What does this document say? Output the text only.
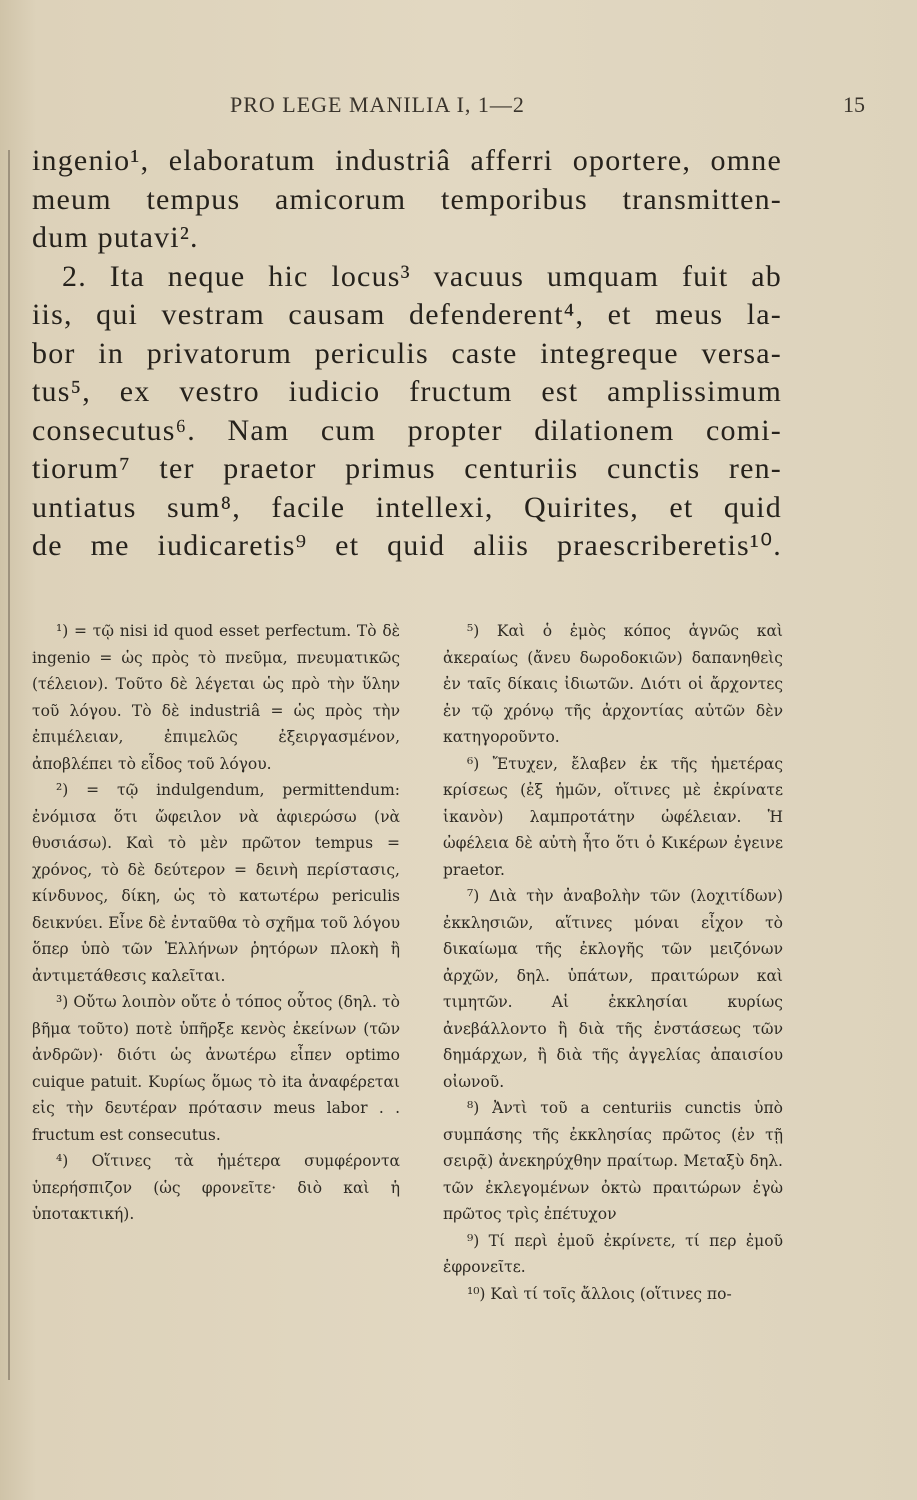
PRO LEGE MANILIA I, 1—2	15
ingenio¹, elaboratum industriâ afferri oportere, omne
meum tempus amicorum temporibus transmitten-
dum putavi².
2. Ita neque hic locus³ vacuus umquam fuit ab
iis, qui vestram causam defenderent⁴, et meus la-
bor in privatorum periculis caste integreque versa-
tus⁵, ex vestro iudicio fructum est amplissimum
consecutus⁶. Nam cum propter dilationem comi-
tiorum⁷ ter praetor primus centuriis cunctis ren-
untiatus sum⁸, facile intellexi, Quirites, et quid
de me iudicaretis⁹ et quid aliis praescriberetis¹⁰.
¹) = τῷ nisi id quod esset perfectum. Τὸ δὲ ingenio = ὡς πρὸς τὸ πνεῦμα, πνευματικῶς (τέλειον). Τοῦτο δὲ λέγεται ὡς πρὸ τὴν ὕλην τοῦ λόγου. Τὸ δὲ industriâ = ὡς πρὸς τὴν ἐπιμέλειαν, ἐπιμελῶς ἐξειργασμένον, ἀποβλέπει τὸ εἶδος τοῦ λόγου.
²) = τῷ indulgendum, permittendum: ἐνόμισα ὅτι ὤφειλον νὰ ἀφιερώσω (νὰ θυσιάσω). Καὶ τὸ μὲν πρῶτον tempus = χρόνος, τὸ δὲ δεύτερον = δεινὴ περίστασις, κίνδυνος, δίκη, ὡς τὸ κατωτέρω periculis δεικνύει. Εἶνε δὲ ἐνταῦθα τὸ σχῆμα τοῦ λόγου ὅπερ ὑπὸ τῶν Ἑλλήνων ῥητόρων πλοκὴ ἢ ἀντιμετάθεσις καλεῖται.
³) Οὔτω λοιπὸν οὔτε ὁ τόπος οὗτος (δηλ. τὸ βῆμα τοῦτο) ποτὲ ὑπῆρξε κενὸς ἐκείνων (τῶν ἀνδρῶν)· διότι ὡς ἀνωτέρω εἶπεν optimo cuique patuit. Κυρίως ὅμως τὸ ita ἀναφέρεται εἰς τὴν δευτέραν πρότασιν meus labor . . fructum est consecutus.
⁴) Οἵτινες τὰ ἡμέτερα συμφέροντα ὑπερήσπιζον (ὡς φρονεῖτε· διὸ καὶ ἡ ὑποτακτική).
⁵) Καὶ ὁ ἐμὸς κόπος ἁγνῶς καὶ ἀκεραίως (ἄνευ δωροδοκιῶν) δαπανηθεὶς ἐν ταῖς δίκαις ἰδιωτῶν. Διότι οἱ ἄρχοντες ἐν τῷ χρόνῳ τῆς ἀρχοντίας αὐτῶν δὲν κατηγοροῦντο.
⁶) Ἔτυχεν, ἔλαβεν ἐκ τῆς ἡμετέρας κρίσεως (ἐξ ἡμῶν, οἵτινες μὲ ἐκρίνατε ἱκανὸν) λαμπροτάτην ὠφέλειαν. Ἡ ὠφέλεια δὲ αὐτὴ ἦτο ὅτι ὁ Κικέρων ἐγεινε praetor.
⁷) Διὰ τὴν ἀναβολὴν τῶν (λοχιτίδων) ἐκκλησιῶν, αἵτινες μόναι εἶχον τὸ δικαίωμα τῆς ἐκλογῆς τῶν μειζόνων ἀρχῶν, δηλ. ὑπάτων, πραιτώρων καὶ τιμητῶν. Αἱ ἐκκλησίαι κυρίως ἀνεβάλλοντο ἢ διὰ τῆς ἐνστάσεως τῶν δημάρχων, ἢ διὰ τῆς ἀγγελίας ἀπαισίου οἰωνοῦ.
⁸) Ἀντὶ τοῦ a centuriis cunctis ὑπὸ συμπάσης τῆς ἐκκλησίας πρῶτος (ἐν τῇ σειρᾷ) ἀνεκηρύχθην πραίτωρ. Μεταξὺ δηλ. τῶν ἐκλεγομένων ὀκτὼ πραιτώρων ἐγὼ πρῶτος τρὶς ἐπέτυχον
⁹) Τί περὶ ἐμοῦ ἐκρίνετε, τί περ ἐμοῦ ἐφρονεῖτε.
¹⁰) Καὶ τί τοῖς ἄλλοις (οἵτινες πο-
